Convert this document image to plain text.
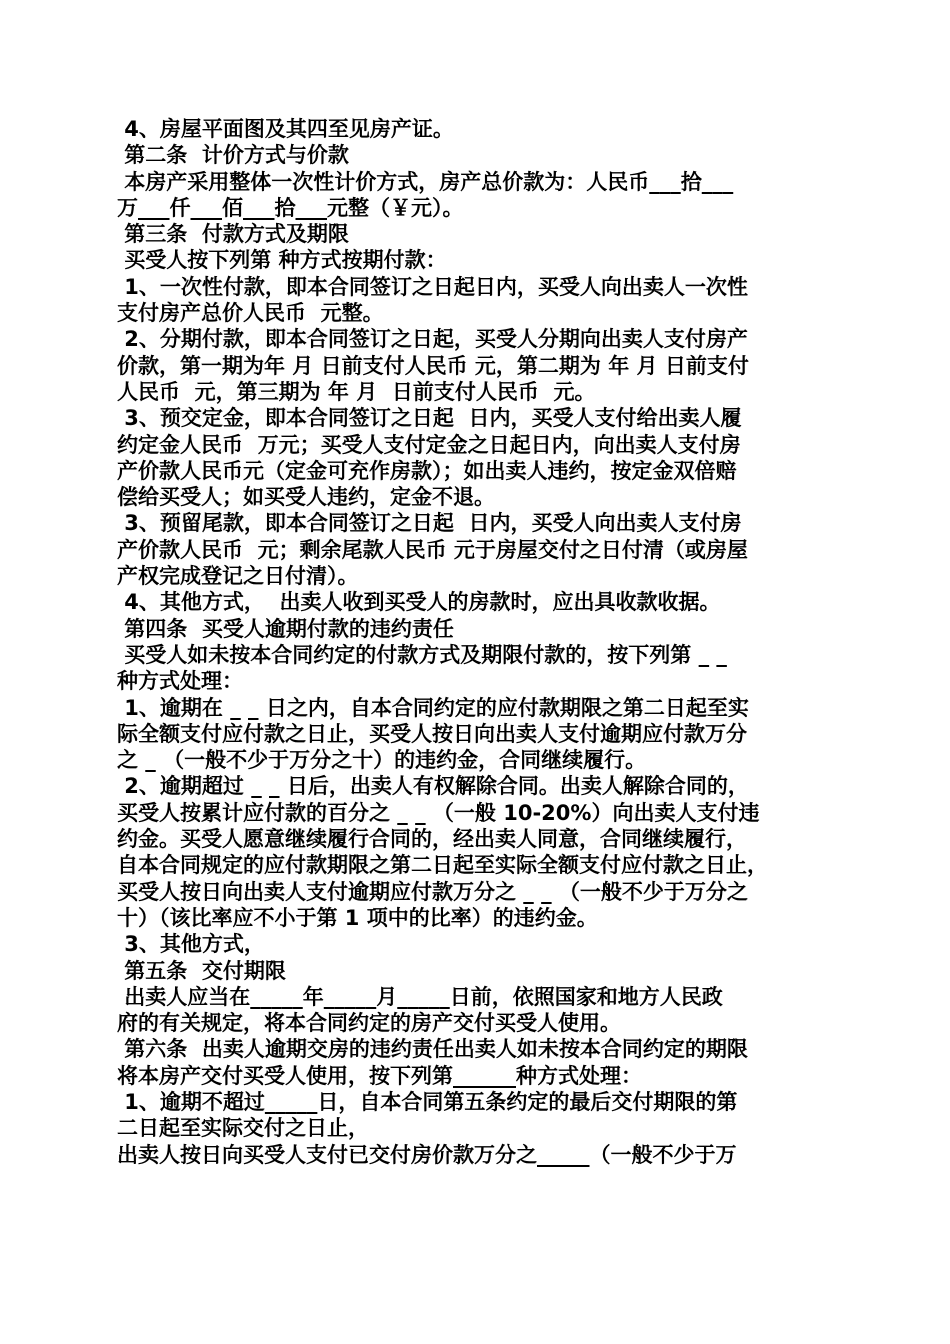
4、房屋平面图及其四至见房产证。
第二条  计价方式与价款
本房产采用整体一次性计价方式，房产总价款为：人民币___拾___
万___仟___佰___拾___元整（￥元）。
第三条  付款方式及期限
买受人按下列第 种方式按期付款：
1、一次性付款，即本合同签订之日起日内，买受人向出卖人一次性
支付房产总价人民币  元整。
2、分期付款，即本合同签订之日起，买受人分期向出卖人支付房产
价款，第一期为年 月 日前支付人民币 元，第二期为 年 月 日前支付
人民币  元，第三期为 年 月  日前支付人民币  元。
3、预交定金，即本合同签订之日起  日内，买受人支付给出卖人履
约定金人民币  万元；买受人支付定金之日起日内，向出卖人支付房
产价款人民币元（定金可充作房款）；如出卖人违约，按定金双倍赔
偿给买受人；如买受人违约，定金不退。
3、预留尾款，即本合同签订之日起  日内，买受人向出卖人支付房
产价款人民币  元；剩余尾款人民币 元于房屋交付之日付清（或房屋
产权完成登记之日付清）。
4、其他方式，  出卖人收到买受人的房款时，应出具收款收据。
第四条  买受人逾期付款的违约责任
买受人如未按本合同约定的付款方式及期限付款的，按下列第 _ _
种方式处理：
1、逾期在 _ _ 日之内，自本合同约定的应付款期限之第二日起至实
际全额支付应付款之日止，买受人按日向出卖人支付逾期应付款万分
之 _ （一般不少于万分之十）的违约金，合同继续履行。
2、逾期超过 _ _ 日后，出卖人有权解除合同。出卖人解除合同的，
买受人按累计应付款的百分之 _ _ （一般 10-20%）向出卖人支付违
约金。买受人愿意继续履行合同的，经出卖人同意，合同继续履行，
自本合同规定的应付款期限之第二日起至实际全额支付应付款之日止，
买受人按日向出卖人支付逾期应付款万分之 _ _ （一般不少于万分之
十）（该比率应不小于第 1 项中的比率）的违约金。
3、其他方式，
第五条  交付期限
出卖人应当在_____年_____月_____日前，依照国家和地方人民政
府的有关规定，将本合同约定的房产交付买受人使用。
第六条  出卖人逾期交房的违约责任出卖人如未按本合同约定的期限
将本房产交付买受人使用，按下列第______种方式处理：
1、逾期不超过_____日，自本合同第五条约定的最后交付期限的第
二日起至实际交付之日止，
出卖人按日向买受人支付已交付房价款万分之_____（一般不少于万
